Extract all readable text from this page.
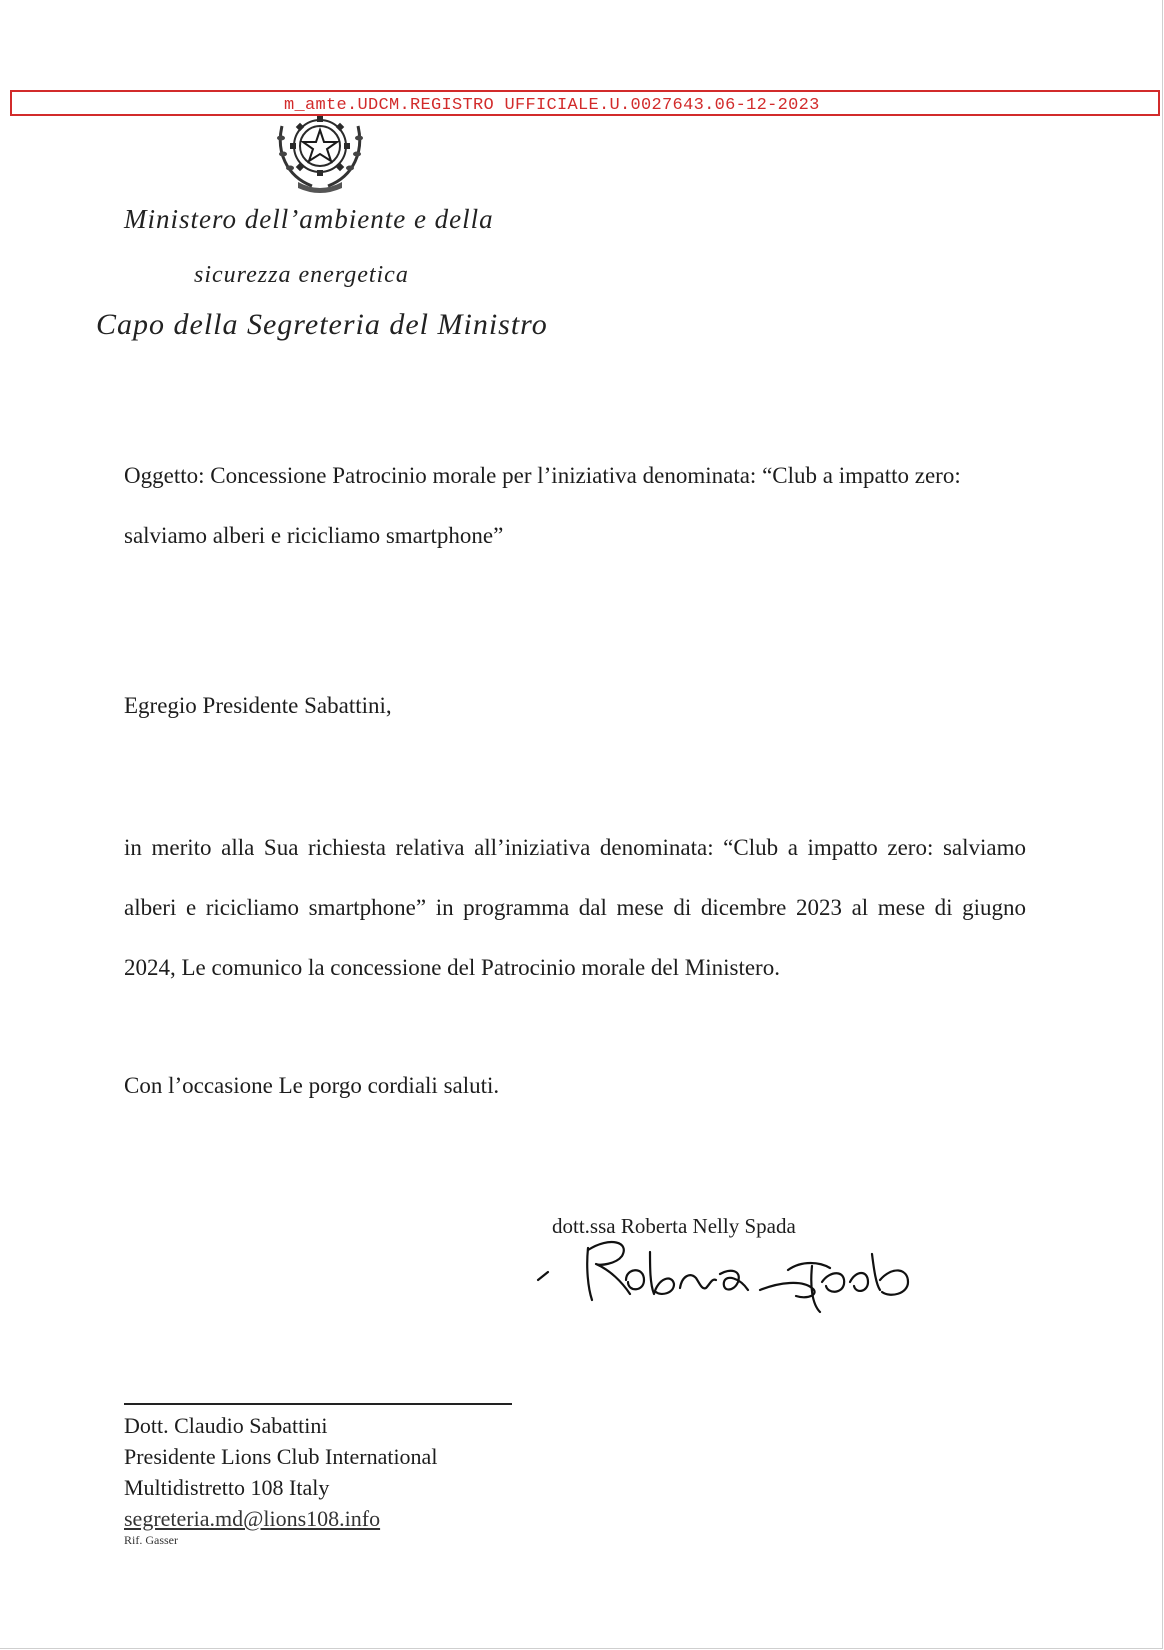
m_amte.UDCM.REGISTRO UFFICIALE.U.0027643.06-12-2023
Ministero dell’ambiente e della
sicurezza energetica
Capo della Segreteria del Ministro
Oggetto: Concessione Patrocinio morale per l’iniziativa denominata: “Club a impatto zero: salviamo alberi e ricicliamo smartphone”
Egregio Presidente Sabattini,
in merito alla Sua richiesta relativa all’iniziativa denominata: “Club a impatto zero: salviamo alberi e ricicliamo smartphone” in programma dal mese di dicembre 2023 al mese di giugno 2024, Le comunico la concessione del Patrocinio morale del Ministero.
Con l’occasione Le porgo cordiali saluti.
dott.ssa Roberta Nelly Spada
Dott. Claudio Sabattini
Presidente Lions Club International
Multidistretto 108 Italy
segreteria.md@lions108.info
Rif. Gasser
